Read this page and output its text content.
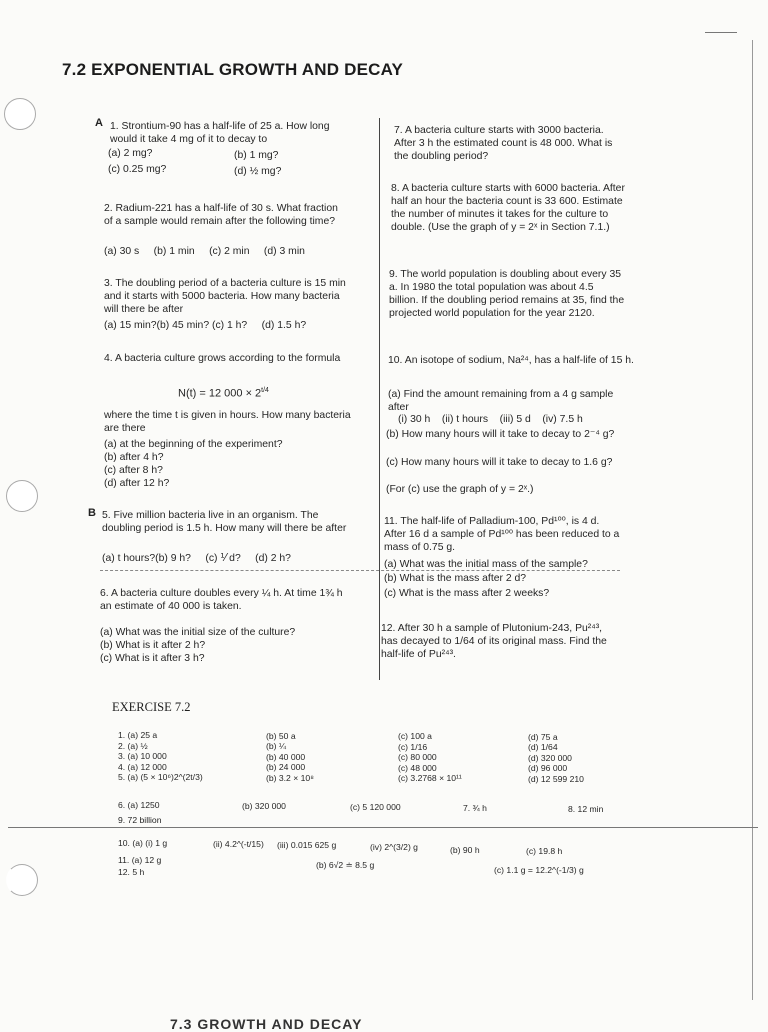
7.2 EXPONENTIAL GROWTH AND DECAY
A 1. Strontium-90 has a half-life of 25 a. How long would it take 4 mg of it to decay to
(a) 2 mg?	(b) 1 mg?
(c) 0.25 mg?	(d) ½ mg?
2. Radium-221 has a half-life of 30 s. What fraction of a sample would remain after the following time?
(a) 30 s     (b) 1 min     (c) 2 min     (d) 3 min
3. The doubling period of a bacteria culture is 15 min and it starts with 5000 bacteria. How many bacteria will there be after
(a) 15 min?(b) 45 min? (c) 1 h?     (d) 1.5 h?
4. A bacteria culture grows according to the formula
N(t) = 12 $000 \times 2^{t/4}$
where the time t is given in hours. How many bacteria are there
(a) at the beginning of the experiment?
(b) after 4 h?
(c) after 8 h?
(d) after 12 h?
B 5. Five million bacteria live in an organism. The doubling period is 1.5 h. How many will there be after
(a) t hours?(b) 9 h?     (c) ⅟ d?     (d) 2 h?
6. A bacteria culture doubles every ¼ h. At time 1¾ h an estimate of 40 000 is taken.
(a) What was the initial size of the culture?
(b) What is it after 2 h?
(c) What is it after 3 h?
7. A bacteria culture starts with 3000 bacteria. After 3 h the estimated count is 48 000. What is the doubling period?
8. A bacteria culture starts with 6000 bacteria. After half an hour the bacteria count is 33 600. Estimate the number of minutes it takes for the culture to double. (Use the graph of y = 2ˣ in Section 7.1.)
9. The world population is doubling about every 35 a. In 1980 the total population was about 4.5 billion. If the doubling period remains at 35, find the projected world population for the year 2120.
10. An isotope of sodium, Na²⁴, has a half-life of 15 h.
(a) Find the amount remaining from a 4 g sample after
(i) 30 h    (ii) t hours    (iii) 5 d    (iv) 7.5 h
(b) How many hours will it take to decay to 2⁻⁴ g?
(c) How many hours will it take to decay to 1.6 g?
(For (c) use the graph of y = 2ˣ.)
11. The half-life of Palladium-100, Pd¹⁰⁰, is 4 d. After 16 d a sample of Pd¹⁰⁰ has been reduced to a mass of 0.75 g.
(a) What was the initial mass of the sample?
(b) What is the mass after 2 d?
(c) What is the mass after 2 weeks?
12. After 30 h a sample of Plutonium-243, Pu²⁴³, has decayed to 1/64 of its original mass. Find the half-life of Pu²⁴³.
EXERCISE 7.2
1. (a) 25 a	(b) 50 a	(c) 100 a	(d) 75 a
2. (a) ½	(b) ¼	(c) 1/16	(d) 1/64
3. (a) 10 000	(b) 40 000	(c) 80 000	(d) 320 000
4. (a) 12 000	(b) 24 000	(c) 48 000	(d) 96 000
5. (a) (5 × 10⁶)2^(2t/3)	(b) 3.2 × 10⁸	(c) 3.2768 × 10¹¹	(d) 12 599 210
6. (a) 1250	(b) 320 000	(c) 5 120 000	7. ¾ h	8. 12 min
9. 72 billion
10. (a) (i) 1 g	(ii) 4.2^(-t/15) (iii) 0.015 625 g	(iv) 2^(3/2) g	(b) 90 h	(c) 19.8 h
11. (a) 12 g	(b) 6√2 ≐ 8.5 g
12. 5 h	(c) 1.1 g = 12.2^(-1/3) g
7.3 GROWTH AND DECAY
